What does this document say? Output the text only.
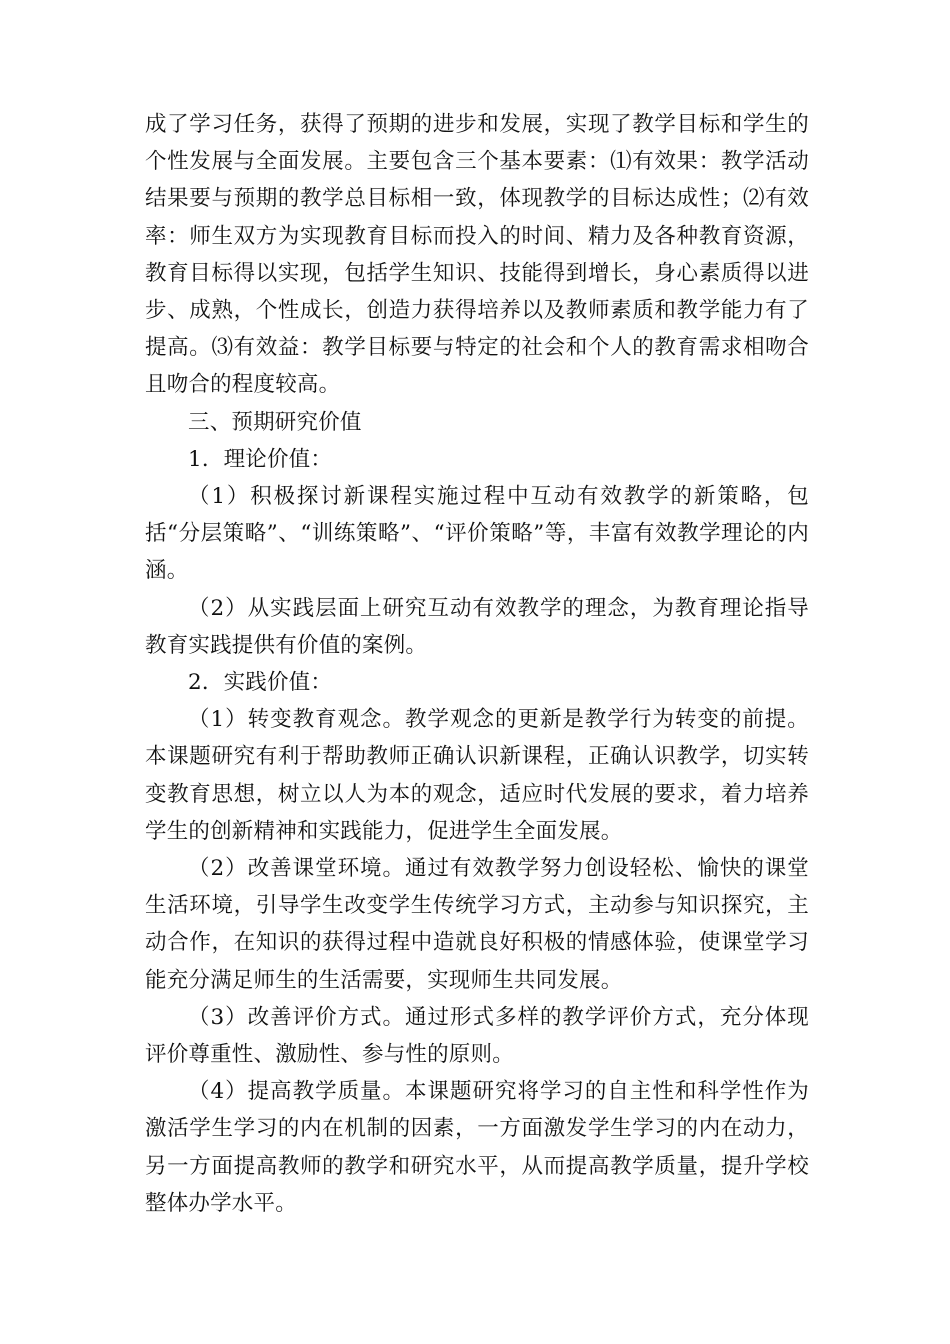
成了学习任务，获得了预期的进步和发展，实现了教学目标和学生的个性发展与全面发展。主要包含三个基本要素：⑴有效果：教学活动结果要与预期的教学总目标相一致，体现教学的目标达成性；⑵有效率：师生双方为实现教育目标而投入的时间、精力及各种教育资源，教育目标得以实现，包括学生知识、技能得到增长，身心素质得以进步、成熟，个性成长，创造力获得培养以及教师素质和教学能力有了提高。⑶有效益：教学目标要与特定的社会和个人的教育需求相吻合且吻合的程度较高。

三、预期研究价值

1．理论价值：

（1）积极探讨新课程实施过程中互动有效教学的新策略，包括“分层策略”、“训练策略”、“评价策略”等，丰富有效教学理论的内涵。

（2）从实践层面上研究互动有效教学的理念，为教育理论指导教育实践提供有价值的案例。

2．实践价值：

（1）转变教育观念。教学观念的更新是教学行为转变的前提。本课题研究有利于帮助教师正确认识新课程，正确认识教学，切实转变教育思想，树立以人为本的观念，适应时代发展的要求，着力培养学生的创新精神和实践能力，促进学生全面发展。

（2）改善课堂环境。通过有效教学努力创设轻松、愉快的课堂生活环境，引导学生改变学生传统学习方式，主动参与知识探究，主动合作，在知识的获得过程中造就良好积极的情感体验，使课堂学习能充分满足师生的生活需要，实现师生共同发展。

（3）改善评价方式。通过形式多样的教学评价方式，充分体现评价尊重性、激励性、参与性的原则。

（4）提高教学质量。本课题研究将学习的自主性和科学性作为激活学生学习的内在机制的因素，一方面激发学生学习的内在动力，另一方面提高教师的教学和研究水平，从而提高教学质量，提升学校整体办学水平。
